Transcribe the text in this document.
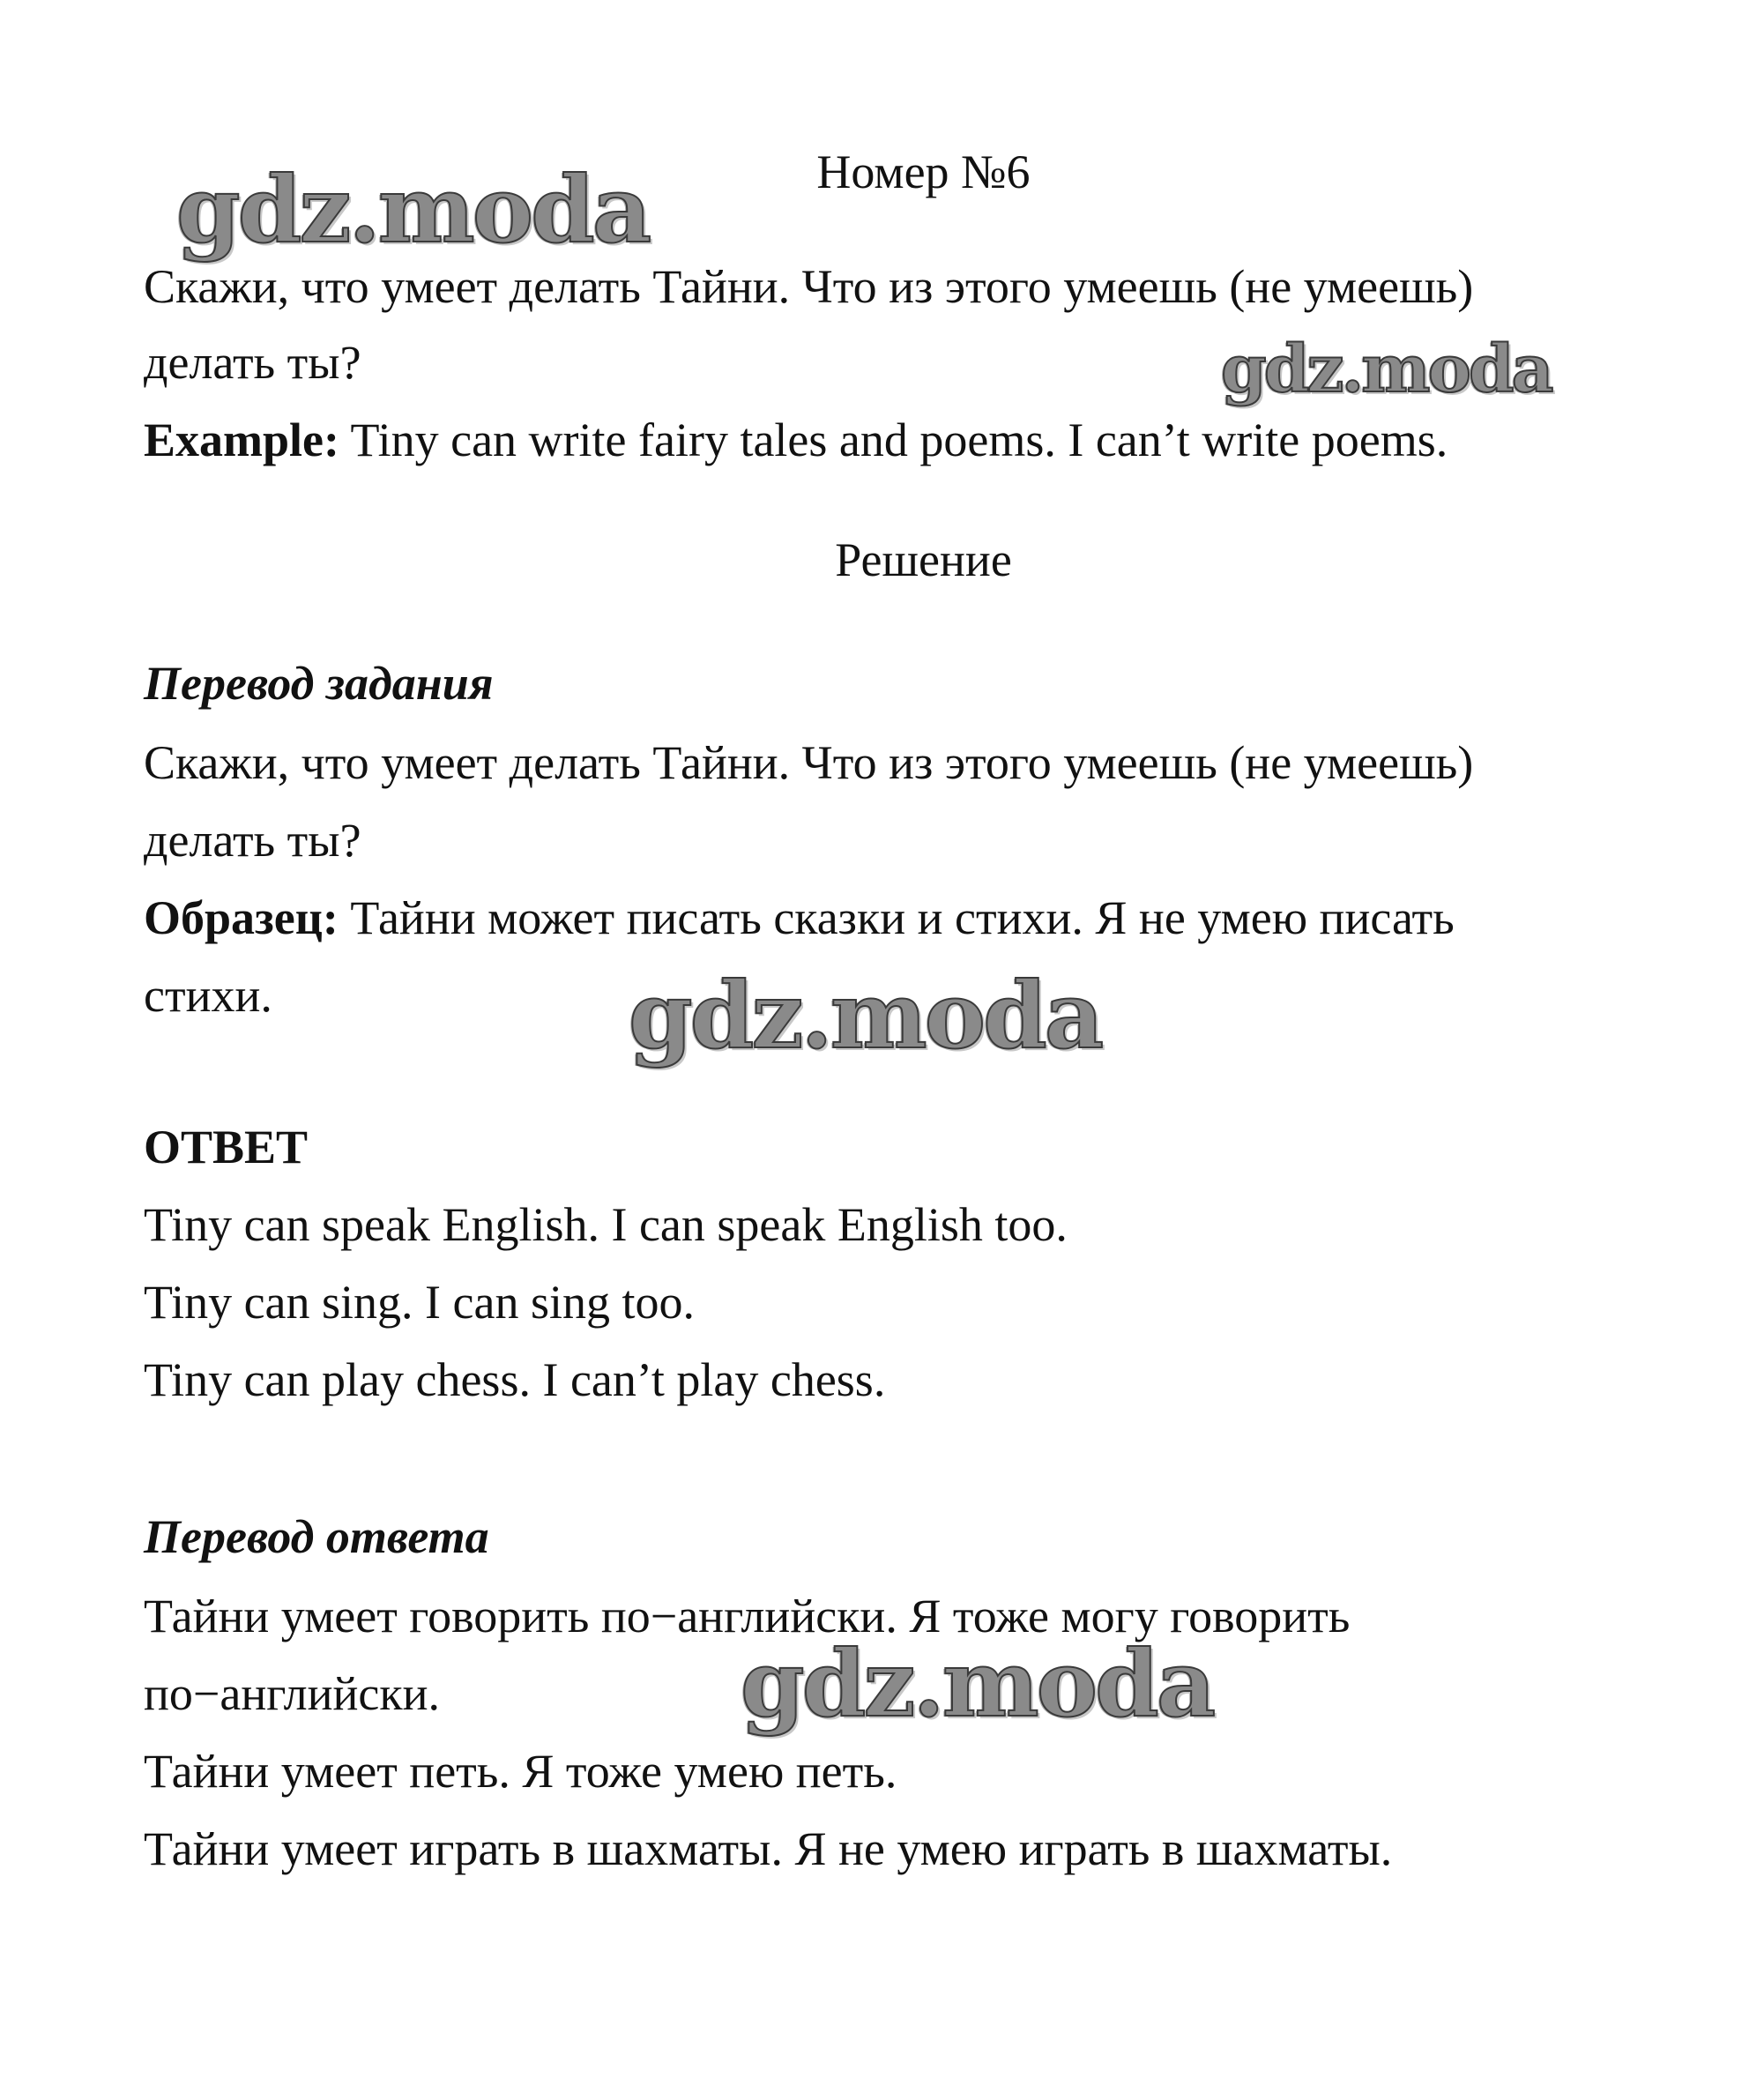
Номер №6
Скажи, что умеет делать Тайни. Что из этого умеешь (не умеешь)
делать ты?
Example: Tiny can write fairy tales and poems. I can’t write poems.
Решение
Перевод задания
Скажи, что умеет делать Тайни. Что из этого умеешь (не умеешь)
делать ты?
Образец: Тайни может писать сказки и стихи. Я не умею писать
стихи.
ОТВЕТ
Tiny can speak English. I can speak English too.
Tiny can sing. I can sing too.
Tiny can play chess. I can’t play chess.
Перевод ответа
Тайни умеет говорить по−английски. Я тоже могу говорить
по−английски.
Тайни умеет петь. Я тоже умею петь.
Тайни умеет играть в шахматы. Я не умею играть в шахматы.
gdz.moda
gdz.moda
gdz.moda
gdz.moda
